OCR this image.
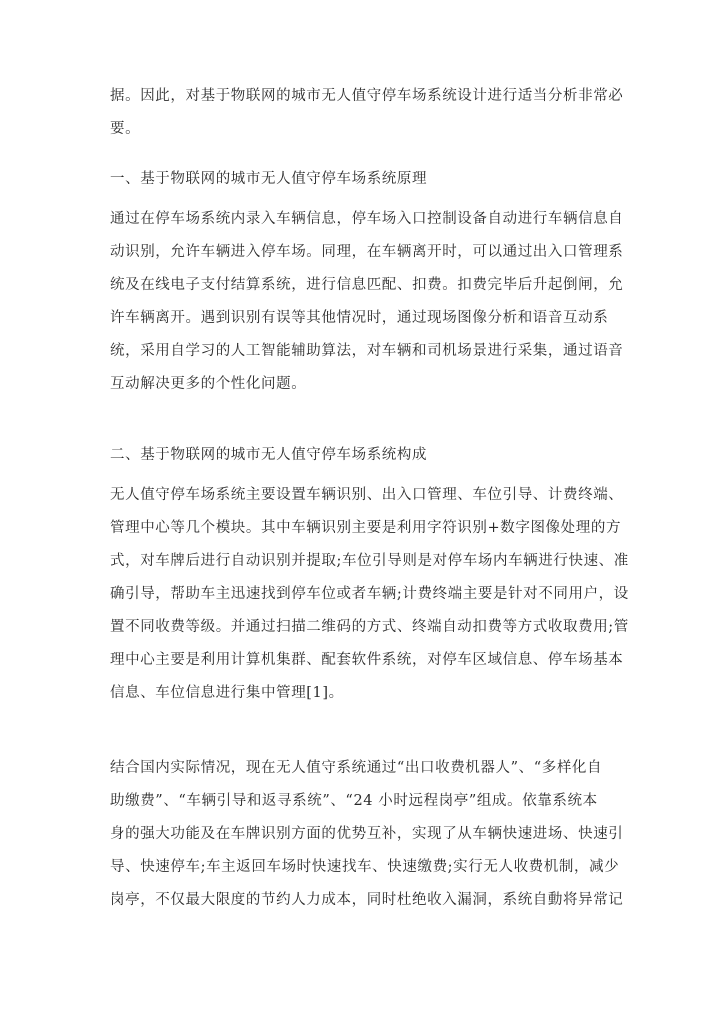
据。因此，对基于物联网的城市无人值守停车场系统设计进行适当分析非常必
要。
一、基于物联网的城市无人值守停车场系统原理
通过在停车场系统内录入车辆信息，停车场入口控制设备自动进行车辆信息自
动识别，允许车辆进入停车场。同理，在车辆离开时，可以通过出入口管理系
统及在线电子支付结算系统，进行信息匹配、扣费。扣费完毕后升起倒闸，允
许车辆离开。遇到识别有误等其他情况时，通过现场图像分析和语音互动系
统，采用自学习的人工智能辅助算法，对车辆和司机场景进行采集，通过语音
互动解决更多的个性化问题。
二、基于物联网的城市无人值守停车场系统构成
无人值守停车场系统主要设置车辆识别、出入口管理、车位引导、计费终端、
管理中心等几个模块。其中车辆识别主要是利用字符识别+数字图像处理的方
式，对车牌后进行自动识别并提取;车位引导则是对停车场内车辆进行快速、准
确引导，帮助车主迅速找到停车位或者车辆;计费终端主要是针对不同用户，设
置不同收费等级。并通过扫描二维码的方式、终端自动扣费等方式收取费用;管
理中心主要是利用计算机集群、配套软件系统，对停车区域信息、停车场基本
信息、车位信息进行集中管理[1]。
结合国内实际情况，现在无人值守系统通过“出口收费机器人”、“多样化自
助缴费”、“车辆引导和返寻系统”、“24 小时远程岗亭”组成。依靠系统本
身的强大功能及在车牌识别方面的优势互补，实现了从车辆快速进场、快速引
导、快速停车;车主返回车场时快速找车、快速缴费;实行无人收费机制，减少
岗亭，不仅最大限度的节约人力成本，同时杜绝收入漏洞，系统自動将异常记
